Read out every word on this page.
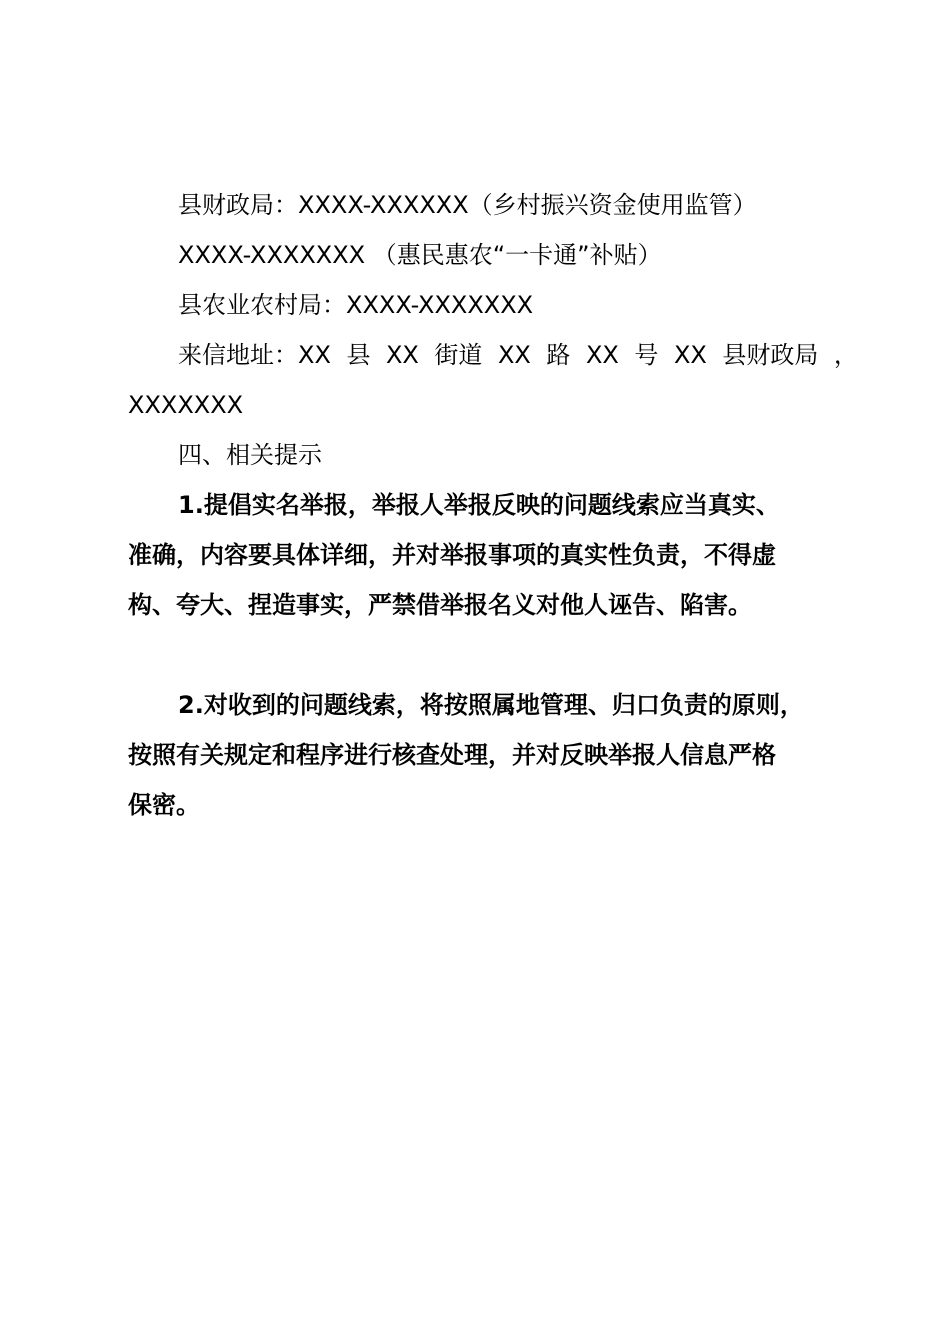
县财政局：XXXX-XXXXXX（乡村振兴资金使用监管）

XXXX-XXXXXXX （惠民惠农“一卡通”补贴）

县农业农村局：XXXX-XXXXXXX

来信地址：XX 县 XX 街道 XX 路 XX 号 XX 县财政局 ，

XXXXXXX

四、相关提示

1.提倡实名举报，举报人举报反映的问题线索应当真实、

准确，内容要具体详细，并对举报事项的真实性负责，不得虚

构、夸大、捏造事实，严禁借举报名义对他人诬告、陷害。

2.对收到的问题线索，将按照属地管理、归口负责的原则，

按照有关规定和程序进行核查处理，并对反映举报人信息严格

保密。
